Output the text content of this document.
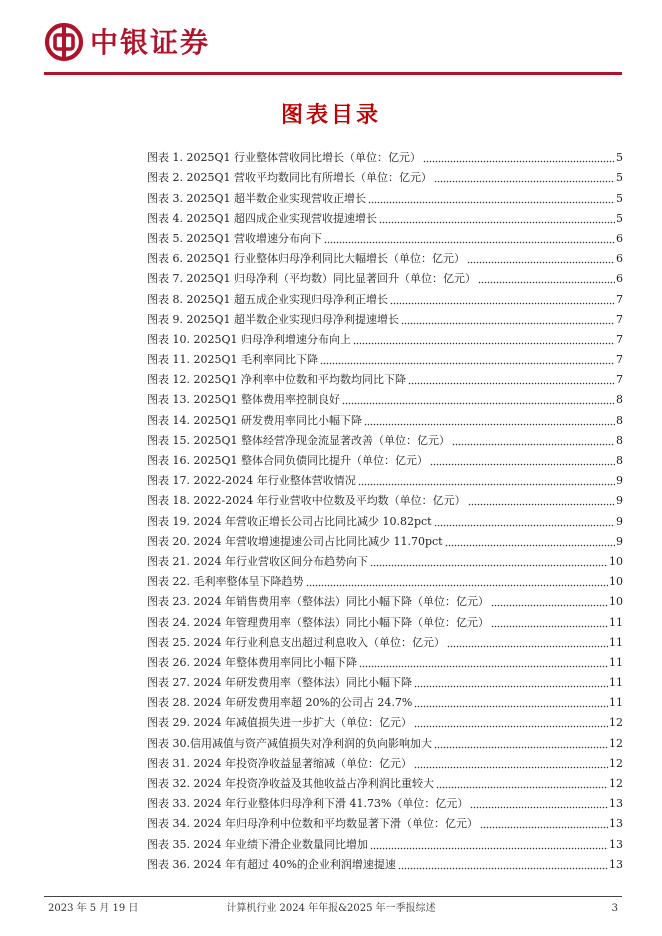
中银证券
图表目录
图表 1. 2025Q1 行业整体营收同比增长（单位：亿元）	5
图表 2. 2025Q1 营收平均数同比有所增长（单位：亿元）	5
图表 3. 2025Q1 超半数企业实现营收正增长	5
图表 4. 2025Q1 超四成企业实现营收提速增长	5
图表 5. 2025Q1 营收增速分布向下	6
图表 6. 2025Q1 行业整体归母净利同比大幅增长（单位：亿元）	6
图表 7. 2025Q1 归母净利（平均数）同比显著回升（单位：亿元）	6
图表 8. 2025Q1 超五成企业实现归母净利正增长	7
图表 9. 2025Q1 超半数企业实现归母净利提速增长	7
图表 10. 2025Q1 归母净利增速分布向上	7
图表 11. 2025Q1 毛利率同比下降	7
图表 12. 2025Q1 净利率中位数和平均数均同比下降	7
图表 13. 2025Q1 整体费用率控制良好	8
图表 14. 2025Q1 研发费用率同比小幅下降	8
图表 15. 2025Q1 整体经营净现金流显著改善（单位：亿元）	8
图表 16. 2025Q1 整体合同负债同比提升（单位：亿元）	8
图表 17. 2022-2024 年行业整体营收情况	9
图表 18. 2022-2024 年行业营收中位数及平均数（单位：亿元）	9
图表 19. 2024 年营收正增长公司占比同比减少 10.82pct	9
图表 20. 2024 年营收增速提速公司占比同比减少 11.70pct	9
图表 21. 2024 年行业营收区间分布趋势向下	10
图表 22. 毛利率整体呈下降趋势	10
图表 23. 2024 年销售费用率（整体法）同比小幅下降（单位：亿元）	10
图表 24. 2024 年管理费用率（整体法）同比小幅下降（单位：亿元）	11
图表 25. 2024 年行业利息支出超过利息收入（单位：亿元）	11
图表 26. 2024 年整体费用率同比小幅下降	11
图表 27. 2024 年研发费用率（整体法）同比小幅下降	11
图表 28. 2024 年研发费用率超 20%的公司占 24.7%	11
图表 29. 2024 年减值损失进一步扩大（单位：亿元）	12
图表 30.信用减值与资产减值损失对净利润的负向影响加大	12
图表 31. 2024 年投资净收益显著缩减（单位：亿元）	12
图表 32. 2024 年投资净收益及其他收益占净利润比重较大	12
图表 33. 2024 年行业整体归母净利下滑 41.73%（单位：亿元）	13
图表 34. 2024 年归母净利中位数和平均数显著下滑（单位：亿元）	13
图表 35. 2024 年业绩下滑企业数量同比增加	13
图表 36. 2024 年有超过 40%的企业利润增速提速	13
2023 年 5 月 19 日	计算机行业 2024 年年报&2025 年一季报综述	3
